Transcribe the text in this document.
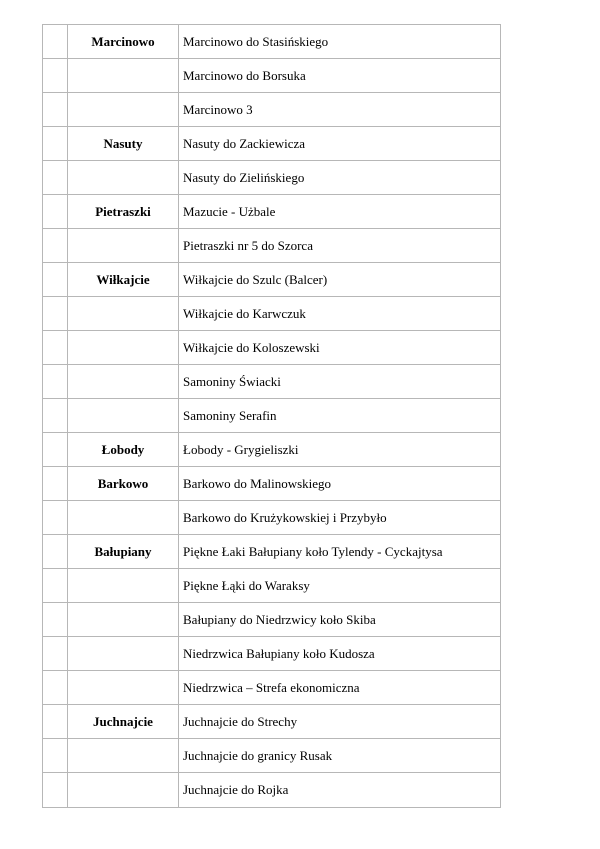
	Marcinowo	Marcinowo do Stasińskiego
		Marcinowo do Borsuka
		Marcinowo 3
	Nasuty	Nasuty do Zackiewicza
		Nasuty do Zielińskiego
	Pietraszki	Mazucie - Użbale
		Pietraszki nr 5 do Szorca
	Wiłkajcie	Wiłkajcie do Szulc (Balcer)
		Wiłkajcie do Karwczuk
		Wiłkajcie do Koloszewski
		Samoniny Świacki
		Samoniny Serafin
	Łobody	Łobody - Grygieliszki
	Barkowo	Barkowo do Malinowskiego
		Barkowo do Krużykowskiej i Przybyło
	Bałupiany	Piękne Łaki Bałupiany koło Tylendy - Cyckajtysa
		Piękne Łąki do Waraksy
		Bałupiany do Niedrzwicy koło Skiba
		Niedrzwica Bałupiany koło Kudosza
		Niedrzwica – Strefa ekonomiczna
	Juchnajcie	Juchnajcie do Strechy
		Juchnajcie do granicy Rusak
		Juchnajcie do Rojka
